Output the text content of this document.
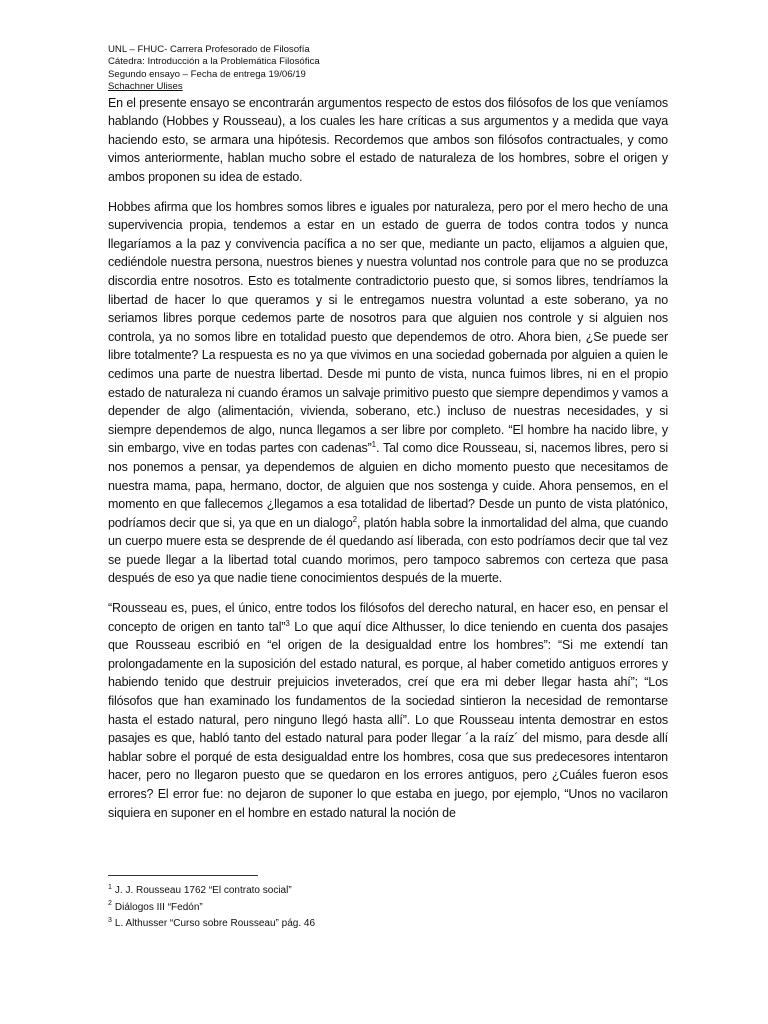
UNL – FHUC- Carrera Profesorado de Filosofía
Cátedra: Introducción a la Problemática Filosófica
Segundo ensayo – Fecha de entrega 19/06/19
Schachner Ulises

En el presente ensayo se encontrarán argumentos respecto de estos dos filósofos de los que veníamos hablando (Hobbes y Rousseau), a los cuales les hare críticas a sus argumentos y a medida que vaya haciendo esto, se armara una hipótesis. Recordemos que ambos son filósofos contractuales, y como vimos anteriormente, hablan mucho sobre el estado de naturaleza de los hombres, sobre el origen y ambos proponen su idea de estado.

Hobbes afirma que los hombres somos libres e iguales por naturaleza, pero por el mero hecho de una supervivencia propia, tendemos a estar en un estado de guerra de todos contra todos y nunca llegaríamos a la paz y convivencia pacífica a no ser que, mediante un pacto, elijamos a alguien que, cediéndole nuestra persona, nuestros bienes y nuestra voluntad nos controle para que no se produzca discordia entre nosotros. Esto es totalmente contradictorio puesto que, si somos libres, tendríamos la libertad de hacer lo que queramos y si le entregamos nuestra voluntad a este soberano, ya no seriamos libres porque cedemos parte de nosotros para que alguien nos controle y si alguien nos controla, ya no somos libre en totalidad puesto que dependemos de otro. Ahora bien, ¿Se puede ser libre totalmente? La respuesta es no ya que vivimos en una sociedad gobernada por alguien a quien le cedimos una parte de nuestra libertad. Desde mi punto de vista, nunca fuimos libres, ni en el propio estado de naturaleza ni cuando éramos un salvaje primitivo puesto que siempre dependimos y vamos a depender de algo (alimentación, vivienda, soberano, etc.) incluso de nuestras necesidades, y si siempre dependemos de algo, nunca llegamos a ser libre por completo. “El hombre ha nacido libre, y sin embargo, vive en todas partes con cadenas”$^1$. Tal como dice Rousseau, si, nacemos libres, pero si nos ponemos a pensar, ya dependemos de alguien en dicho momento puesto que necesitamos de nuestra mama, papa, hermano, doctor, de alguien que nos sostenga y cuide. Ahora pensemos, en el momento en que fallecemos ¿llegamos a esa totalidad de libertad? Desde un punto de vista platónico, podríamos decir que si, ya que en un dialogo$^2$, platón habla sobre la inmortalidad del alma, que cuando un cuerpo muere esta se desprende de él quedando así liberada, con esto podríamos decir que tal vez se puede llegar a la libertad total cuando morimos, pero tampoco sabremos con certeza que pasa después de eso ya que nadie tiene conocimientos después de la muerte.

“Rousseau es, pues, el único, entre todos los filósofos del derecho natural, en hacer eso, en pensar el concepto de origen en tanto tal”$^3$ Lo que aquí dice Althusser, lo dice teniendo en cuenta dos pasajes que Rousseau escribió en “el origen de la desigualdad entre los hombres”: “Si me extendí tan prolongadamente en la suposición del estado natural, es porque, al haber cometido antiguos errores y habiendo tenido que destruir prejuicios inveterados, creí que era mi deber llegar hasta ahí”; “Los filósofos que han examinado los fundamentos de la sociedad sintieron la necesidad de remontarse hasta el estado natural, pero ninguno llegó hasta allí”. Lo que Rousseau intenta demostrar en estos pasajes es que, habló tanto del estado natural para poder llegar ´a la raíz´ del mismo, para desde allí hablar sobre el porqué de esta desigualdad entre los hombres, cosa que sus predecesores intentaron hacer, pero no llegaron puesto que se quedaron en los errores antiguos, pero ¿Cuáles fueron esos errores? El error fue: no dejaron de suponer lo que estaba en juego, por ejemplo, “Unos no vacilaron siquiera en suponer en el hombre en estado natural la noción de

$^1$ J. J. Rousseau 1762 “El contrato social”
$^2$ Diálogos III “Fedón”
$^3$ L. Althusser “Curso sobre Rousseau” pág. 46
